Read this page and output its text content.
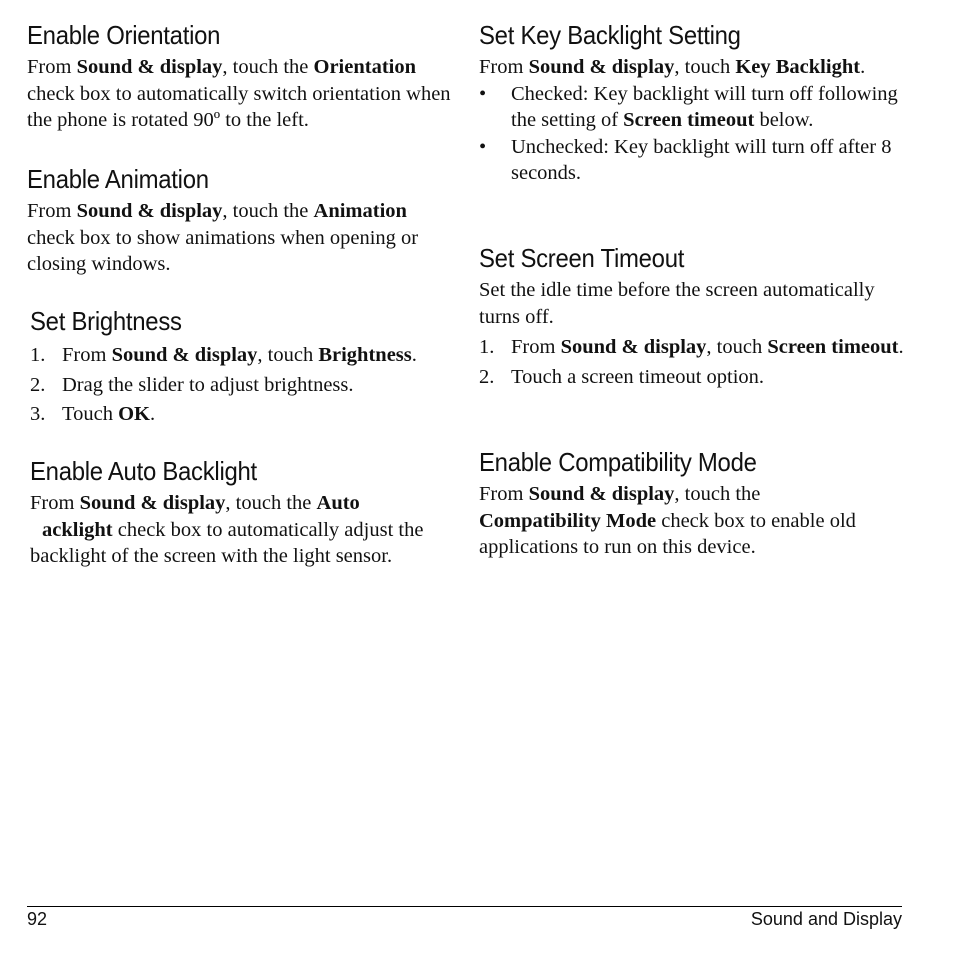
Enable Orientation

From Sound & display, touch the Orientation check box to automatically switch orientation when the phone is rotated 90º to the left.

Enable Animation

From Sound & display, touch the Animation check box to show animations when opening or closing windows.

Set Brightness
1. From Sound & display, touch Brightness.
2. Drag the slider to adjust brightness.
3. Touch OK.
Enable Auto Backlight

From Sound & display, touch the Auto
acklight check box to automatically adjust the backlight of the screen with the light sensor.

Set Key Backlight Setting

From Sound & display, touch Key Backlight.

• Checked: Key backlight will turn off following the setting of Screen timeout below.
• Unchecked: Key backlight will turn off after 8 seconds.
Set Screen Timeout

Set the idle time before the screen automatically turns off.

1. From Sound & display, touch Screen timeout.
2. Touch a screen timeout option.
Enable Compatibility Mode

From Sound & display, touch the
Compatibility Mode check box to enable old applications to run on this device.

92	Sound and Display
